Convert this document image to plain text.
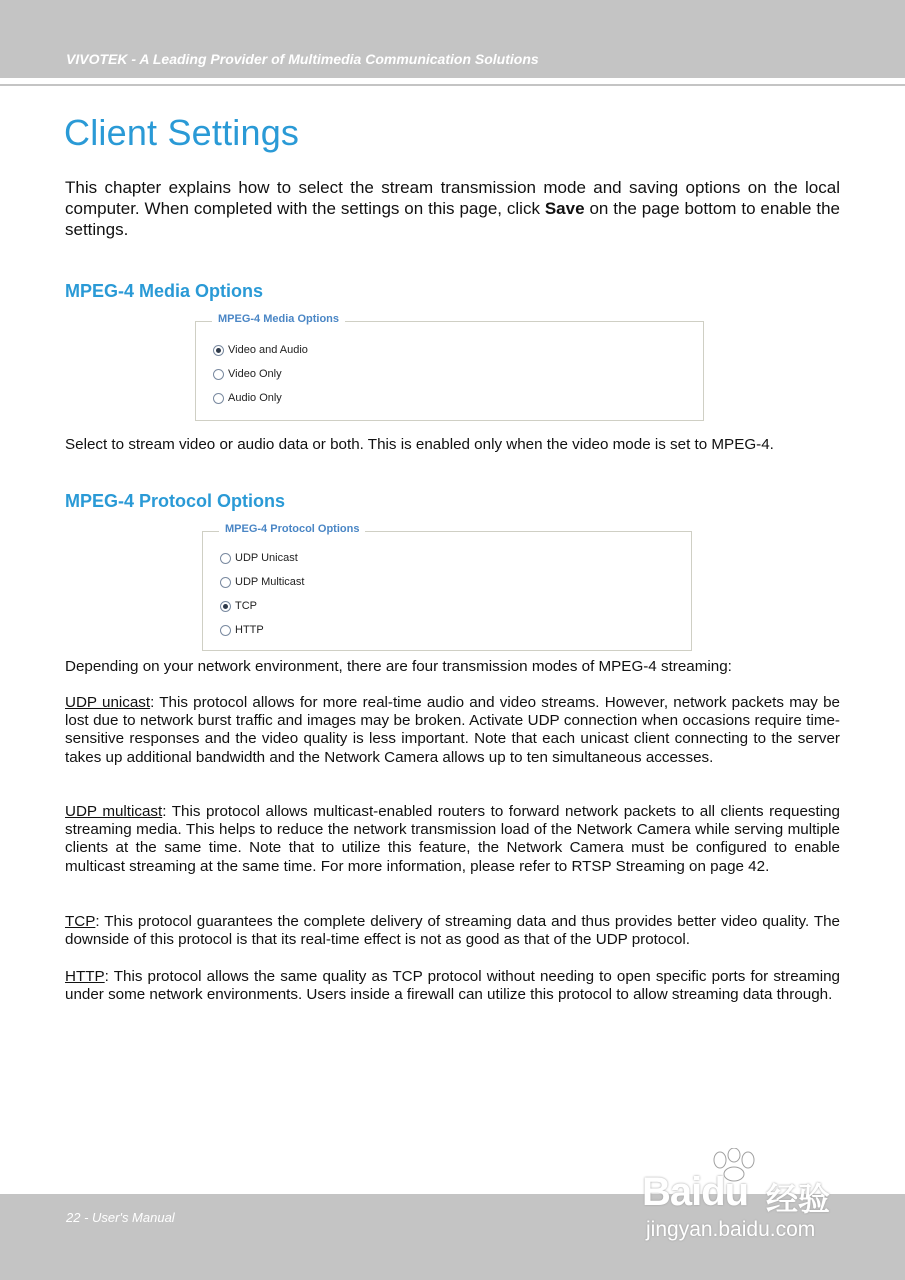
VIVOTEK - A Leading Provider of Multimedia Communication Solutions
Client Settings

This chapter explains how to select the stream transmission mode and saving options on the local computer. When completed with the settings on this page, click Save on the page bottom to enable the settings.

MPEG-4 Media Options
MPEG-4 Media Options
Video and Audio
Video Only
Audio Only

Select to stream video or audio data or both. This is enabled only when the video mode is set to MPEG-4.

MPEG-4 Protocol Options
MPEG-4 Protocol Options
UDP Unicast
UDP Multicast
TCP
HTTP

Depending on your network environment, there are four transmission modes of MPEG-4 streaming:

UDP unicast: This protocol allows for more real-time audio and video streams. However, network packets may be lost due to network burst traffic and images may be broken. Activate UDP connection when occasions require time-sensitive responses and the video quality is less important. Note that each unicast client connecting to the server takes up additional bandwidth and the Network Camera allows up to ten simultaneous accesses.

UDP multicast: This protocol allows multicast-enabled routers to forward network packets to all clients requesting streaming media. This helps to reduce the network transmission load of the Network Camera while serving multiple clients at the same time. Note that to utilize this feature, the Network Camera must be configured to enable multicast streaming at the same time. For more information, please refer to RTSP Streaming on page 42.

TCP: This protocol guarantees the complete delivery of streaming data and thus provides better video quality. The downside of this protocol is that its real-time effect is not as good as that of the UDP protocol.

HTTP: This protocol allows the same quality as TCP protocol without needing to open specific ports for streaming under some network environments. Users inside a firewall can utilize this protocol to allow streaming data through.

22 - User's Manual
Baidu 经验
jingyan.baidu.com
